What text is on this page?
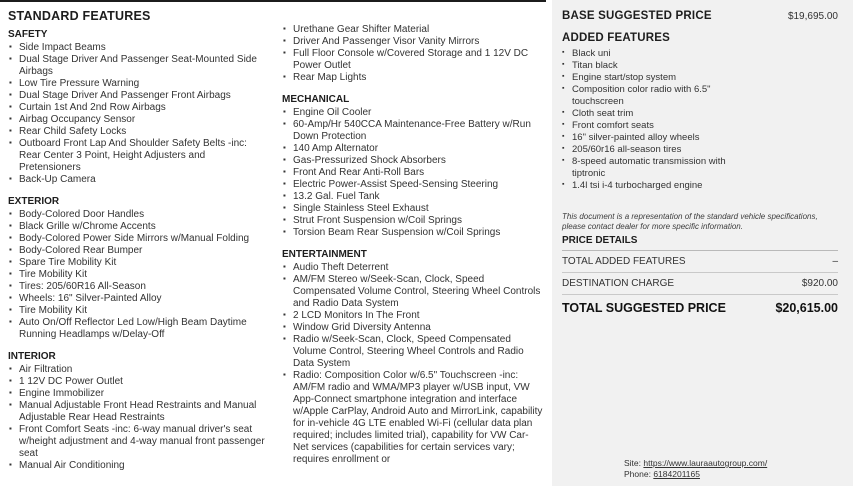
STANDARD FEATURES
SAFETY
▪ Side Impact Beams
▪ Dual Stage Driver And Passenger Seat-Mounted Side Airbags
▪ Low Tire Pressure Warning
▪ Dual Stage Driver And Passenger Front Airbags
▪ Curtain 1st And 2nd Row Airbags
▪ Airbag Occupancy Sensor
▪ Rear Child Safety Locks
▪ Outboard Front Lap And Shoulder Safety Belts -inc: Rear Center 3 Point, Height Adjusters and Pretensioners
▪ Back-Up Camera
EXTERIOR
▪ Body-Colored Door Handles
▪ Black Grille w/Chrome Accents
▪ Body-Colored Power Side Mirrors w/Manual Folding
▪ Body-Colored Rear Bumper
▪ Spare Tire Mobility Kit
▪ Tire Mobility Kit
▪ Tires: 205/60R16 All-Season
▪ Wheels: 16" Silver-Painted Alloy
▪ Tire Mobility Kit
▪ Auto On/Off Reflector Led Low/High Beam Daytime Running Headlamps w/Delay-Off
INTERIOR
▪ Air Filtration
▪ 1 12V DC Power Outlet
▪ Engine Immobilizer
▪ Manual Adjustable Front Head Restraints and Manual Adjustable Rear Head Restraints
▪ Front Comfort Seats -inc: 6-way manual driver's seat w/height adjustment and 4-way manual front passenger seat
▪ Manual Air Conditioning
▪ Urethane Gear Shifter Material
▪ Driver And Passenger Visor Vanity Mirrors
▪ Full Floor Console w/Covered Storage and 1 12V DC Power Outlet
▪ Rear Map Lights
MECHANICAL
▪ Engine Oil Cooler
▪ 60-Amp/Hr 540CCA Maintenance-Free Battery w/Run Down Protection
▪ 140 Amp Alternator
▪ Gas-Pressurized Shock Absorbers
▪ Front And Rear Anti-Roll Bars
▪ Electric Power-Assist Speed-Sensing Steering
▪ 13.2 Gal. Fuel Tank
▪ Single Stainless Steel Exhaust
▪ Strut Front Suspension w/Coil Springs
▪ Torsion Beam Rear Suspension w/Coil Springs
ENTERTAINMENT
▪ Audio Theft Deterrent
▪ AM/FM Stereo w/Seek-Scan, Clock, Speed Compensated Volume Control, Steering Wheel Controls and Radio Data System
▪ 2 LCD Monitors In The Front
▪ Window Grid Diversity Antenna
▪ Radio w/Seek-Scan, Clock, Speed Compensated Volume Control, Steering Wheel Controls and Radio Data System
▪ Radio: Composition Color w/6.5" Touchscreen -inc: AM/FM radio and WMA/MP3 player w/USB input, VW App-Connect smartphone integration and interface w/Apple CarPlay, Android Auto and MirrorLink, capability for in-vehicle 4G LTE enabled Wi-Fi (cellular data plan required; includes limited trial), capability for VW Car-Net services (capabilities for certain services vary; requires enrollment or
BASE SUGGESTED PRICE	$19,695.00
ADDED FEATURES
▪ Black uni
▪ Titan black
▪ Engine start/stop system
▪ Composition color radio with 6.5" touchscreen
▪ Cloth seat trim
▪ Front comfort seats
▪ 16" silver-painted alloy wheels
▪ 205/60r16 all-season tires
▪ 8-speed automatic transmission with tiptronic
▪ 1.4l tsi i-4 turbocharged engine
This document is a representation of the standard vehicle specifications, please contact dealer for more specific information.
PRICE DETAILS
TOTAL ADDED FEATURES	–
DESTINATION CHARGE	$920.00
TOTAL SUGGESTED PRICE	$20,615.00
Site: https://www.lauraautogroup.com/
Phone: 6184201165
